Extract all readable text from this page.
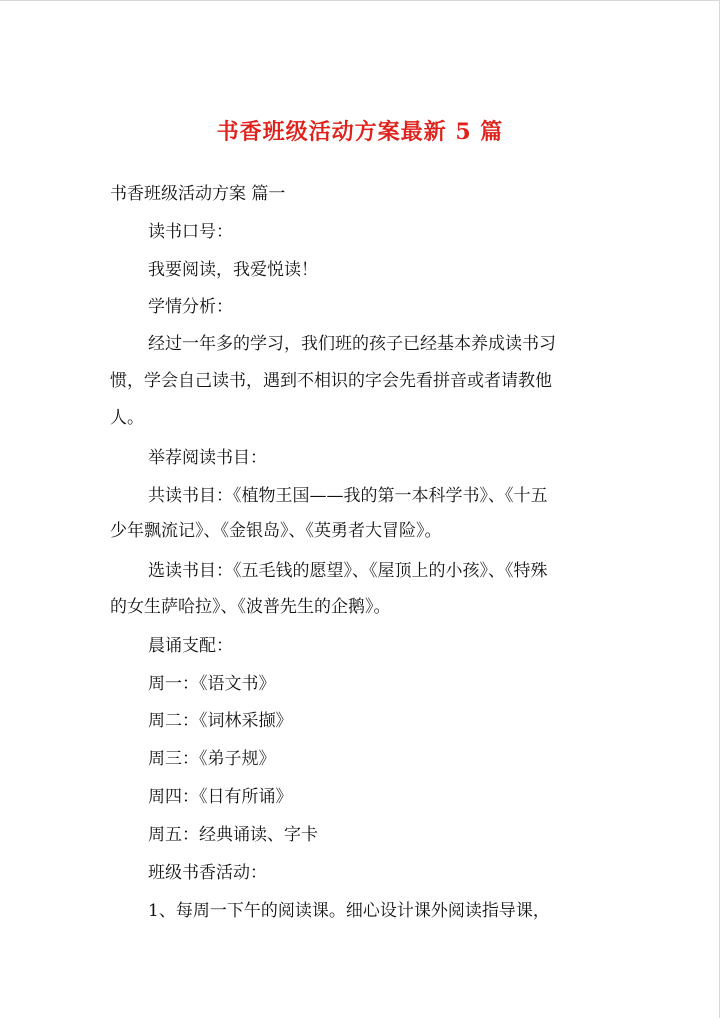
书香班级活动方案最新 5 篇

书香班级活动方案 篇一

读书口号：

我要阅读，我爱悦读！

学情分析：

经过一年多的学习，我们班的孩子已经基本养成读书习

惯，学会自己读书，遇到不相识的字会先看拼音或者请教他

人。

举荐阅读书目：

共读书目：《植物王国——我的第一本科学书》、《十五

少年飘流记》、《金银岛》、《英勇者大冒险》。

选读书目：《五毛钱的愿望》、《屋顶上的小孩》、《特殊

的女生萨哈拉》、《波普先生的企鹅》。

晨诵支配：

周一：《语文书》

周二：《词林采撷》

周三：《弟子规》

周四：《日有所诵》

周五：经典诵读、字卡

班级书香活动：

1、每周一下午的阅读课。细心设计课外阅读指导课，
